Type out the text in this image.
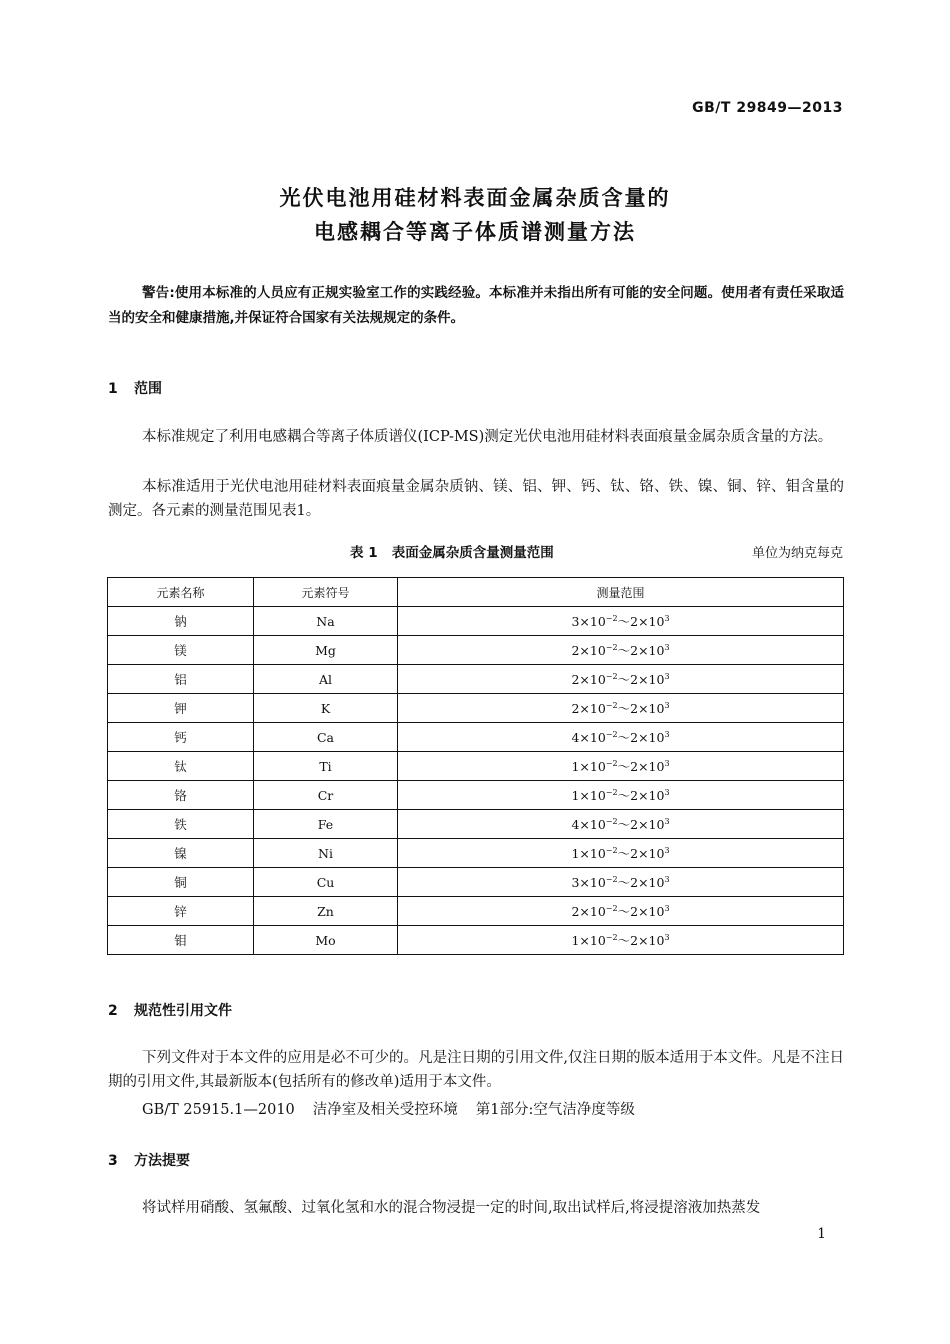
GB/T 29849—2013
光伏电池用硅材料表面金属杂质含量的
电感耦合等离子体质谱测量方法
警告:使用本标准的人员应有正规实验室工作的实践经验。本标准并未指出所有可能的安全问题。使用者有责任采取适当的安全和健康措施,并保证符合国家有关法规规定的条件。
1 范围
本标准规定了利用电感耦合等离子体质谱仪(ICP-MS)测定光伏电池用硅材料表面痕量金属杂质含量的方法。
本标准适用于光伏电池用硅材料表面痕量金属杂质钠、镁、铝、钾、钙、钛、铬、铁、镍、铜、锌、钼含量的测定。各元素的测量范围见表1。
表 1   表面金属杂质含量测量范围	单位为纳克每克
元素名称	元素符号	测量范围
钠	Na	$3\times 10^{-2}\sim 2\times 10^3$
镁	Mg	$2\times 10^{-2}\sim 2\times 10^3$
铝	Al	$2\times 10^{-2}\sim 2\times 10^3$
钾	K	$2\times 10^{-2}\sim 2\times 10^3$
钙	Ca	$4\times 10^{-2}\sim 2\times 10^3$
钛	Ti	$1\times 10^{-2}\sim 2\times 10^3$
铬	Cr	$1\times 10^{-2}\sim 2\times 10^3$
铁	Fe	$4\times 10^{-2}\sim 2\times 10^3$
镍	Ni	$1\times 10^{-2}\sim 2\times 10^3$
铜	Cu	$3\times 10^{-2}\sim 2\times 10^3$
锌	Zn	$2\times 10^{-2}\sim 2\times 10^3$
钼	Mo	$1\times 10^{-2}\sim 2\times 10^3$
2 规范性引用文件
下列文件对于本文件的应用是必不可少的。凡是注日期的引用文件,仅注日期的版本适用于本文件。凡是不注日期的引用文件,其最新版本(包括所有的修改单)适用于本文件。
GB/T 25915.1—2010 洁净室及相关受控环境 第1部分:空气洁净度等级
3 方法提要
将试样用硝酸、氢氟酸、过氧化氢和水的混合物浸提一定的时间,取出试样后,将浸提溶液加热蒸发
1
